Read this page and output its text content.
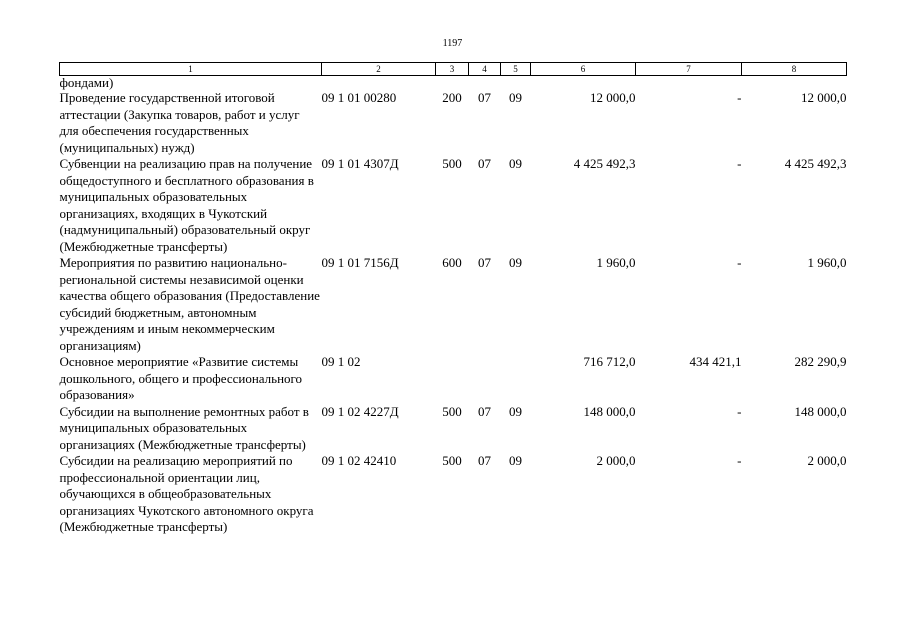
1197
1	2	3	4	5	6	7	8
фондами)							
Проведение государственной итоговой аттестации (Закупка товаров, работ и услуг для обеспечения государственных (муниципальных) нужд)	09 1 01 00280	200	07	09	12 000,0	-	12 000,0
Субвенции на реализацию прав на получение общедоступного и бесплатного образования в муниципальных образовательных организациях, входящих в Чукотский (надмуниципальный) образовательный округ (Межбюджетные трансферты)	09 1 01 4307Д	500	07	09	4 425 492,3	-	4 425 492,3
Мероприятия по развитию национально-региональной системы независимой оценки качества общего образования (Предоставление субсидий бюджетным, автономным учреждениям и иным некоммерческим организациям)	09 1 01 7156Д	600	07	09	1 960,0	-	1 960,0
Основное мероприятие «Развитие системы дошкольного, общего и профессионального образования»	09 1 02				716 712,0	434 421,1	282 290,9
Субсидии на выполнение ремонтных работ в муниципальных образовательных организациях (Межбюджетные трансферты)	09 1 02 4227Д	500	07	09	148 000,0	-	148 000,0
Субсидии на реализацию мероприятий по профессиональной ориентации лиц, обучающихся в общеобразовательных организациях Чукотского автономного округа (Межбюджетные трансферты)	09 1 02 42410	500	07	09	2 000,0	-	2 000,0
